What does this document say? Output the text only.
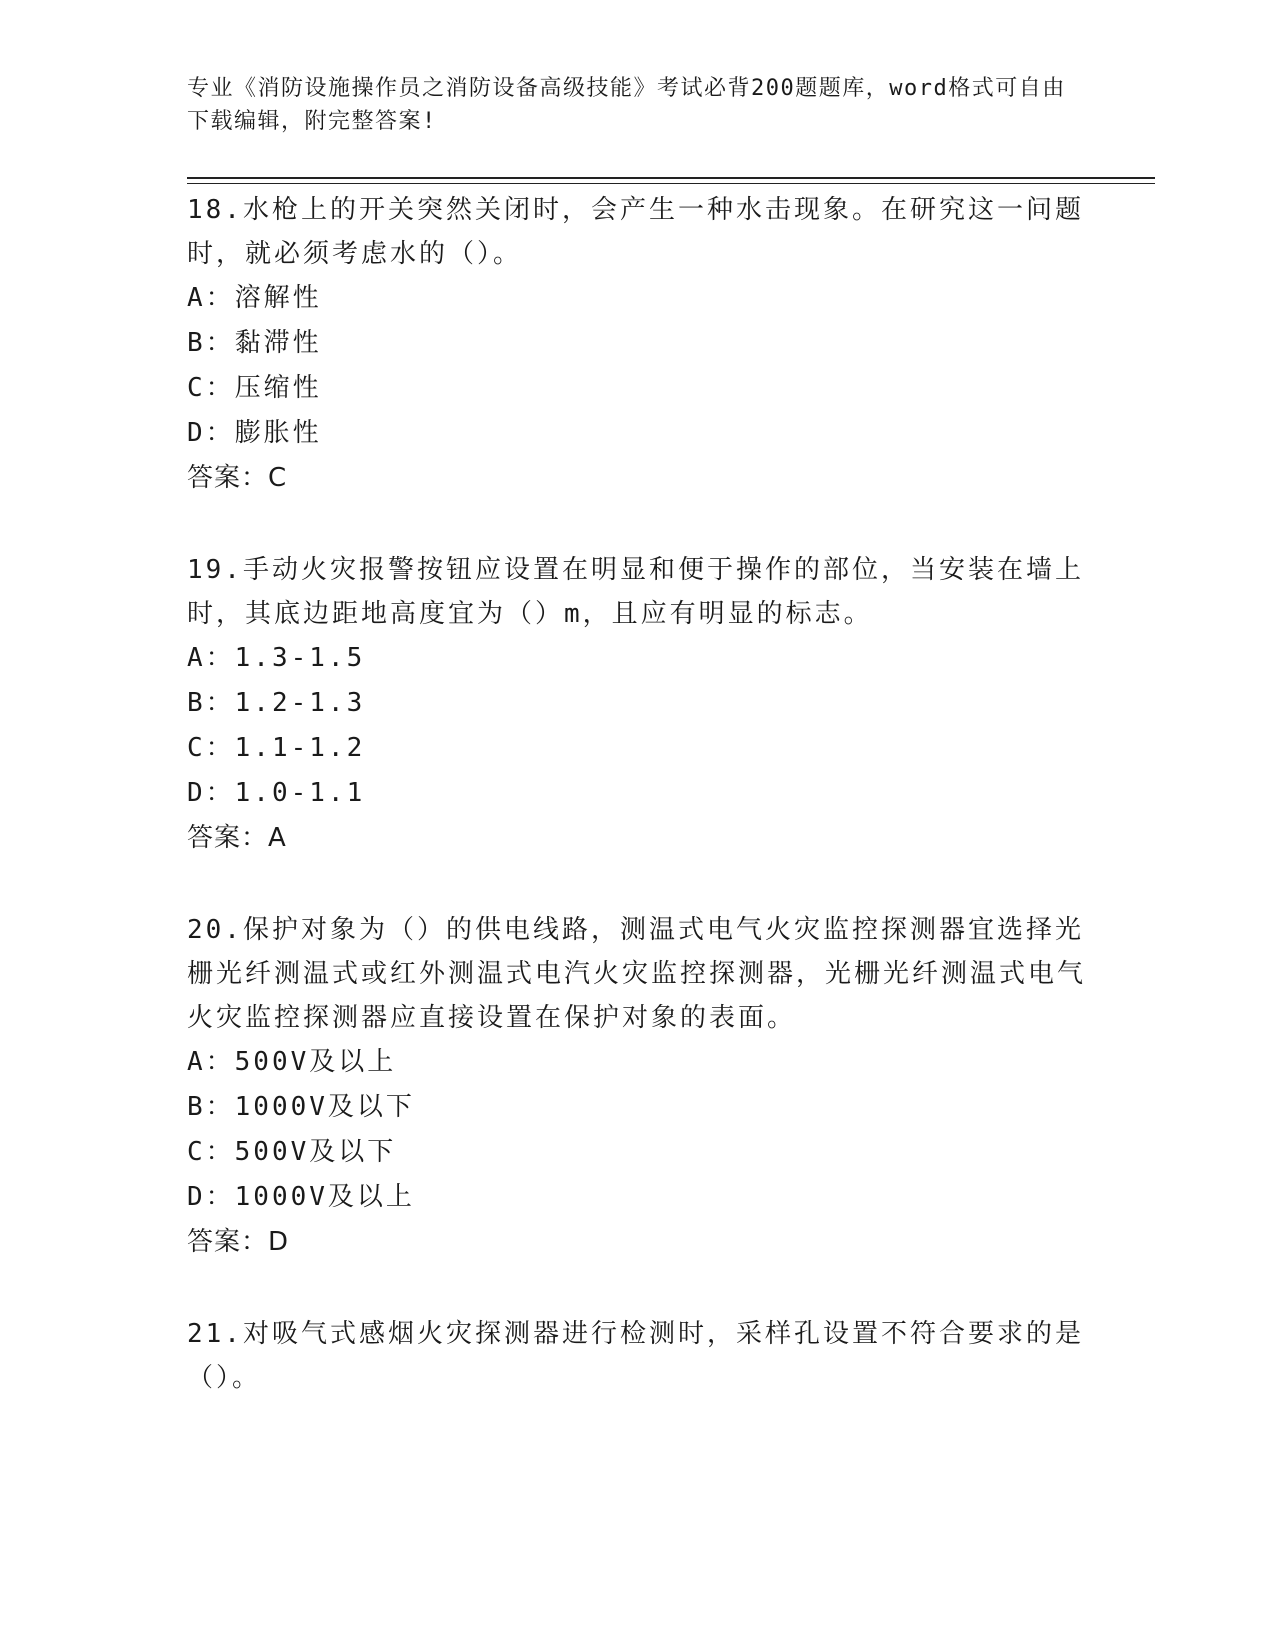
专业《消防设施操作员之消防设备高级技能》考试必背200题题库，word格式可自由下载编辑，附完整答案!
18.水枪上的开关突然关闭时，会产生一种水击现象。在研究这一问题时，就必须考虑水的（）。
A：溶解性
B：黏滞性
C：压缩性
D：膨胀性
答案：C
19.手动火灾报警按钮应设置在明显和便于操作的部位，当安装在墙上时，其底边距地高度宜为（）m，且应有明显的标志。
A：1.3-1.5
B：1.2-1.3
C：1.1-1.2
D：1.0-1.1
答案：A
20.保护对象为（）的供电线路，测温式电气火灾监控探测器宜选择光栅光纤测温式或红外测温式电汽火灾监控探测器，光栅光纤测温式电气火灾监控探测器应直接设置在保护对象的表面。
A：500V及以上
B：1000V及以下
C：500V及以下
D：1000V及以上
答案：D
21.对吸气式感烟火灾探测器进行检测时，采样孔设置不符合要求的是（）。
